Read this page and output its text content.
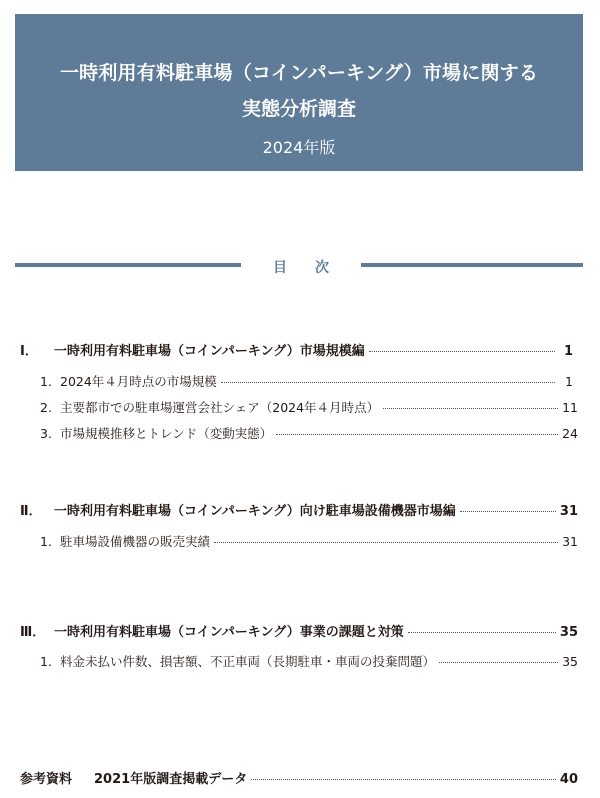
一時利用有料駐車場（コインパーキング）市場に関する
実態分析調査
2024年版
目次
Ⅰ．	一時利用有料駐車場（コインパーキング）市場規模編	1
1. 2024年４月時点の市場規模	1
2. 主要都市での駐車場運営会社シェア（2024年４月時点）	11
3. 市場規模推移とトレンド（変動実態）	24
Ⅱ． 一時利用有料駐車場（コインパーキング）向け駐車場設備機器市場編	31
1. 駐車場設備機器の販売実績	31
Ⅲ． 一時利用有料駐車場（コインパーキング）事業の課題と対策	35
1. 料金未払い件数、損害額、不正車両（長期駐車・車両の投棄問題）	35
参考資料 2021年版調査掲載データ	40
